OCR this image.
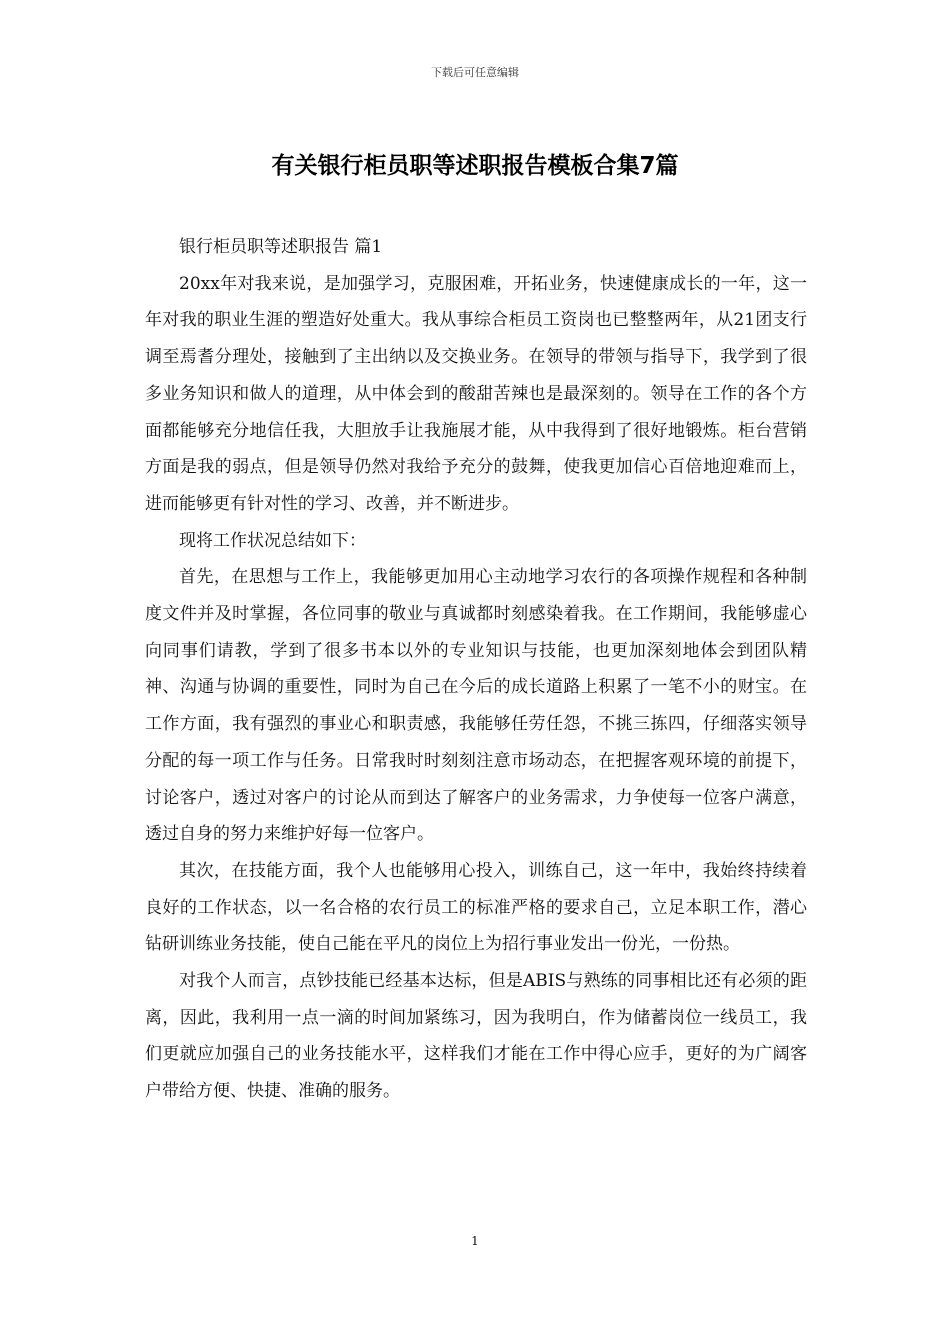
下载后可任意编辑
有关银行柜员职等述职报告模板合集7篇

银行柜员职等述职报告 篇1

20xx年对我来说，是加强学习，克服困难，开拓业务，快速健康成长的一年，这一年对我的职业生涯的塑造好处重大。我从事综合柜员工资岗也已整整两年，从21团支行调至焉耆分理处，接触到了主出纳以及交换业务。在领导的带领与指导下，我学到了很多业务知识和做人的道理，从中体会到的酸甜苦辣也是最深刻的。领导在工作的各个方面都能够充分地信任我，大胆放手让我施展才能，从中我得到了很好地锻炼。柜台营销方面是我的弱点，但是领导仍然对我给予充分的鼓舞，使我更加信心百倍地迎难而上，进而能够更有针对性的学习、改善，并不断进步。

现将工作状况总结如下：

首先，在思想与工作上，我能够更加用心主动地学习农行的各项操作规程和各种制度文件并及时掌握，各位同事的敬业与真诚都时刻感染着我。在工作期间，我能够虚心向同事们请教，学到了很多书本以外的专业知识与技能，也更加深刻地体会到团队精神、沟通与协调的重要性，同时为自己在今后的成长道路上积累了一笔不小的财宝。在工作方面，我有强烈的事业心和职责感，我能够任劳任怨，不挑三拣四，仔细落实领导分配的每一项工作与任务。日常我时时刻刻注意市场动态，在把握客观环境的前提下，讨论客户，透过对客户的讨论从而到达了解客户的业务需求，力争使每一位客户满意，透过自身的努力来维护好每一位客户。

其次，在技能方面，我个人也能够用心投入，训练自己，这一年中，我始终持续着良好的工作状态，以一名合格的农行员工的标准严格的要求自己，立足本职工作，潜心钻研训练业务技能，使自己能在平凡的岗位上为招行事业发出一份光，一份热。

对我个人而言，点钞技能已经基本达标，但是ABIS与熟练的同事相比还有必须的距离，因此，我利用一点一滴的时间加紧练习，因为我明白，作为储蓄岗位一线员工，我们更就应加强自己的业务技能水平，这样我们才能在工作中得心应手，更好的为广阔客户带给方便、快捷、准确的服务。

1
